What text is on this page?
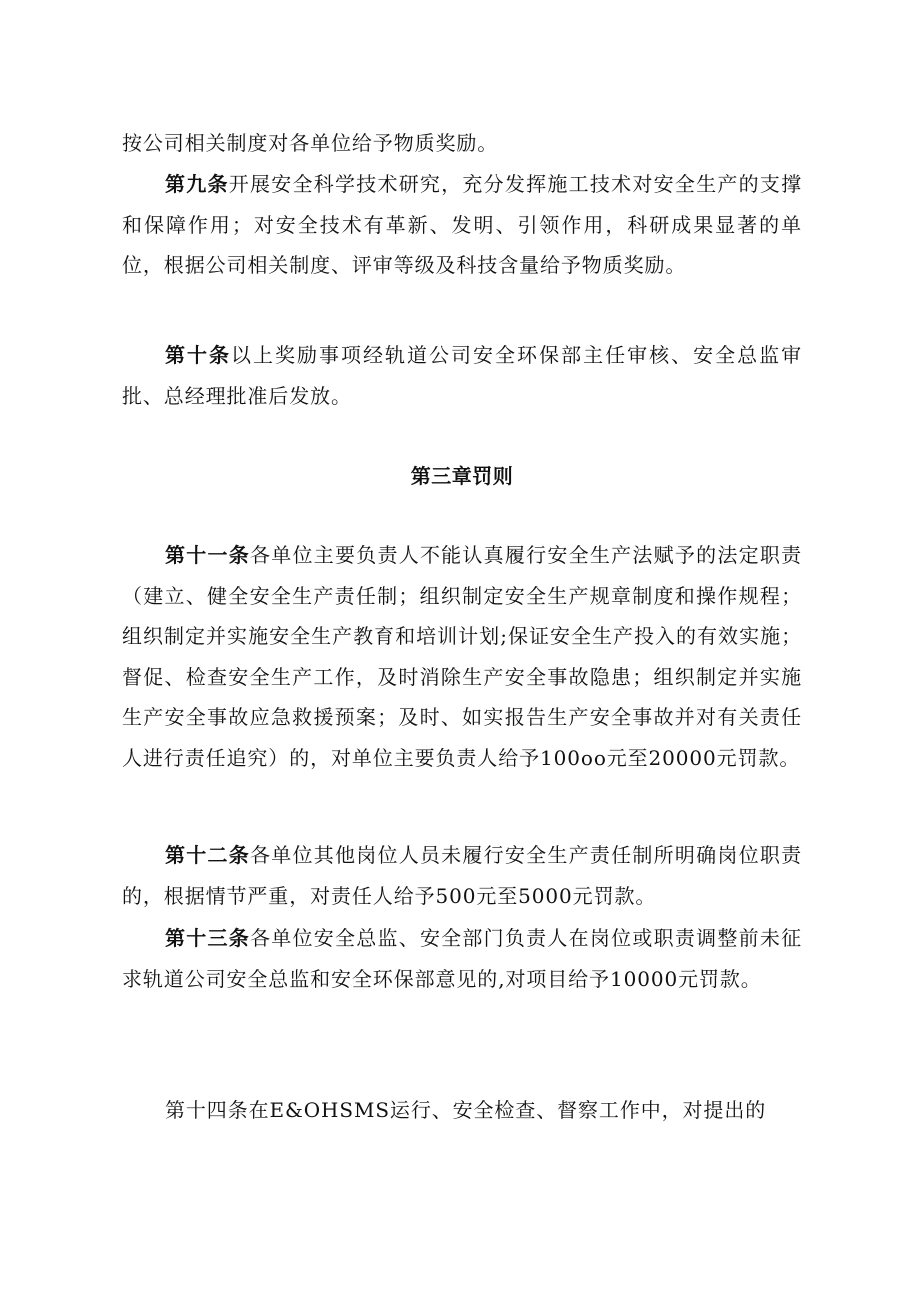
按公司相关制度对各单位给予物质奖励。

第九条开展安全科学技术研究，充分发挥施工技术对安全生产的支撑和保障作用；对安全技术有革新、发明、引领作用，科研成果显著的单位，根据公司相关制度、评审等级及科技含量给予物质奖励。

第十条以上奖励事项经轨道公司安全环保部主任审核、安全总监审批、总经理批准后发放。

第三章罚则

第十一条各单位主要负责人不能认真履行安全生产法赋予的法定职责（建立、健全安全生产责任制；组织制定安全生产规章制度和操作规程；组织制定并实施安全生产教育和培训计划;保证安全生产投入的有效实施；督促、检查安全生产工作，及时消除生产安全事故隐患；组织制定并实施生产安全事故应急救援预案；及时、如实报告生产安全事故并对有关责任人进行责任追究）的，对单位主要负责人给予100oo元至20000元罚款。

第十二条各单位其他岗位人员未履行安全生产责任制所明确岗位职责的，根据情节严重，对责任人给予500元至5000元罚款。

第十三条各单位安全总监、安全部门负责人在岗位或职责调整前未征求轨道公司安全总监和安全环保部意见的,对项目给予10000元罚款。

第十四条在E&OHSMS运行、安全检查、督察工作中，对提出的
